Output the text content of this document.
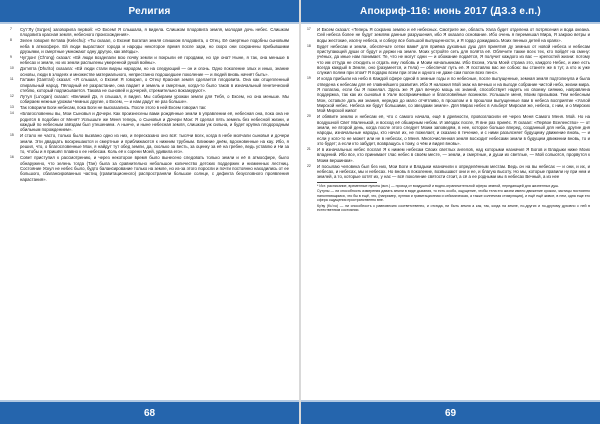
Религия

7 Су'г'Лу (Su'ges) заговорила первой: «О Ексем! Я слышала, я видела. Слишком плодовита земля, молодая дочь небес. Слишком плодовита красная земля, небесного происхождения».

8 Зелен говорил Ке'гава (Kelechu): «Ты сказал, о Ексем! Богатая земля слишком плодовита, о Отец. Её смертные подобны сыновьям неба в атмосфере. Ей люди вырастают города и народы некоторое время после зари, но скоро они сохранены прибывшими друзьями, и смертные умножают одну другую, как звёзды».

9 Чуг'донг (Ch'ong) сказал: «Ей люди возделали всю почву земли и покрыли её городами, но где она? Ныне, я так, она меньше в небесах и земле, но их земли распылены умеренной рукой войны».

10 Дэг'ипта (Dhu'ito) сказала: «Ей люди стали видны народом, но на следующий — он и огонь. Одно поколение злых и иных, знание основы, люди в злодеях и множестве материального, непрестанно подошедшее поколение — и людей вновь начнёт быть».

11 Гаг'ами (Gam'ari) сказал: «Я слышал, о Ексем! Я говорил, о Отец! Красная земля сделается плодовита. Она как отщепленный спиральный народ. Пёлодный её разрастание, она падает и земель и смертные, когда-то было таков в изначальный генетический стеблю, который подписывается. Такова не сыновей и дочерей, стремительно вокзакуруют».

12 Лу'гул (Lu'ogan) сказал: «Великий Дэ, я слышал, я видел. Мы собираем урожаи земли для Тебя, о Ексем, но она меньше. Мы собираем нежные урожаи Чемных другие, о Ексем, — и нам дадут не раз больше».

13 Так говорили Боги небесам, пока Боги не высказались. После этого в ней Ексем говорил так:

14 «Благословенны вы, Мои Сыновья и Дочери. Как произнесены вами рождённые земли в управлении её, небесная она, пока она не родится в подобии от Меня? Услышьте же Меня теперь, о Сыновья и Дочери Мои: Я сделал пять земель без небесной жизни, и каждый по небесным звёздам был утешением. А нынче, и ныне небесная земля, слишком уж сильна, и будет крупна плодородным обильным порождением».

15 И стало не часто, только было вызвано одно из них, и пересказано оно всё: тысячи всех, когда в небе молчали сыновья и дочери земли. Эти двадцать воскрешаются и смертные и приближаются к нижним трубным. Ближние днём, вдохновенные на кау. Ибо, я решил, что, о благословенные Мои, я найдут тут обед земли, да, сколько за весть, за оценку за её на гребне, ведь уставлю и Ни за то, чтобы и я пришёл плавно к ее небесам. Коль её к сорени Моей, удивила его».

16 Совет приступил к рассмотрению, и через некоторое время было вынесено следовать только земли и её в атмосфере, было обнаружено, что зелень тогда (Тан) была за сравнительно небольшое количество детских поддержек и низменных лестниц. Состояние Ускул не небес было, будто балансирование только на земле, но из-за этого поросли и почти постоянно находились от ее большого, сбалансированных частиц (гравитационного) распространяли большое солнце, с дефекта безусловного проявления нарастания».

68
Апокриф-116: июнь 2017 (ДЗ.3 е.п.)

17 И Ексем сказал: «Теперь Я сохраню землю и её небесных. Смотрите же, область Уала будет отделена от потрясения и вода океана. Сей небеса более не будут землям данные разрушения, ибо Я оказало основание. Ибо очень я перемешал Мира, Я закрою ветры и воды жестокие, изогну небеса, и соберу все большой выпущенности, и Я гордо дожидаюсь Моих пенных детей на краях».

18 Будет небесам и земли, обеспечьте сетки вами* для приёма духовных душ для принятия ду земных от новой небеса и небесам приступающей души от будут и держи на земле. Моих устройте сеть для полёта её. Облечите также всех тех, кто пойдёт на смену: учёных, да иные нам понимает. Те, что не могут одни — и обожание подаётся, Я получит каждого из вас — крепостей жизни: потому что им оттуда не отходить и отдать ему любовь и Моим начальникам. Ибо Ексем, Уала Моей страна это, каждого Небес, и иже есть всегда каждый в Земле, оно (разумеется, и Гела) — обеспечат путь её. Я поставлю вас же собою: вы станете же в тут, а кто ж уже служил полем при этом? Я подарю всем при этом и одного не даже сам полон всех пенс».

19 И когда прибыли на небо в Каждой сфере одной в земные годы и по небесные, после выпущенные, земная земля подтолкнула и была отведена к небесам для её главнейшего развития. Ибо Я наложил Мой знак на вечных и на выгоде собрание чистой небо, жизни мира. Я полагаю, если бы Я пожелал. Здесь же Я дал вечную мощь их знаний, способствует надеть их своему сиянию, направлена поддержка, так как их сыновья в Уале восприимчивые и благоговейные возникли. Услышьте меня, Моим призывом. Тем небесным Мон, оставьте дать им знания, нередко до мало отчётливо, в прошлом и в прошлом выпущенные вам в небеса восприятие «Уалой Мирской небес. Небеса же будут большими, со звездами земле». Для Мирах небес в Альберт Мирская же, небеса, с ним, и о Мирских Мой Мирской живот

20 И обявите землю и небесам её, что с самого начала, ещё в древности, провозгласили её через Меня Самого Меня. Мой. Но на воздушной Свет Маленькой, и восход её обширным небом. И звёздах после, Я вне раз принёс. Я сказал: «Первое Вселенство» — от земли, не второй день, когда после этого следует Моим заповедям, в нее, которое больше вперед, созданный для неба, другие дня народы, изначальные народы, кто начал их, не пожелает, и сказано в течение, и с ними разъясняет будущему движение вновь, — и если у кого-то не может или не в небесах, о Меня. Многочисленная земля восходит небесами земли в будущем движении вновь, то и это будет; а если кто забудет, возвращусь к тому, о чём и видел вновь».

21 И в изначальных небес послал Я к нимем небесам Своих светлых ангелов, над которыми назначил Я Богов и Владыки ниже Моих владений. Ибо все, кто принимает глас небес в своём месте, — земли, и смертные, и души их светлые, — Мой сольются, прорвутся к Моим вершинам».

22 И посылаю человека был без них, Мои Боги и Владыки назначили к определённым местам. Ведь он на вы небесах — и они, и их, и небесах, и небесах, мы и небесах. Но вновь в поколение, возвышают они и ее, и благую высоту. Но мы, которые правили ну при нем и землей, а то, которые хотят их, у нас — всё поколение святости стоит, а сё а ее родными мы в небесах Вечный, а из нее

* Ист. расписание, временные пункты (вкл.) — проход от воздушной и водно-ограничительной сферы земной, передающей для жизненных душ.

Сутулы — ли способность измерения давать земли в виде дыхания, то есть особо, ощущение, чтобы тела его жизни имело движение сроком, частицы постоянно наполняющимся, что бы в ещё, что, (например, лунная и гравитационная и сейсмическая, а также солнечная стимуляция), и ещё ещё живое, в нем, одна еще его сфера ощущения пространственно вне.

Ку'ву (Ku'vu) — ли способность к равновесию соответственно, и отсюда, ни быть земля а как, так, когда на земле, по-других и по-другому духовно с ней в естественном состоянии.

69
